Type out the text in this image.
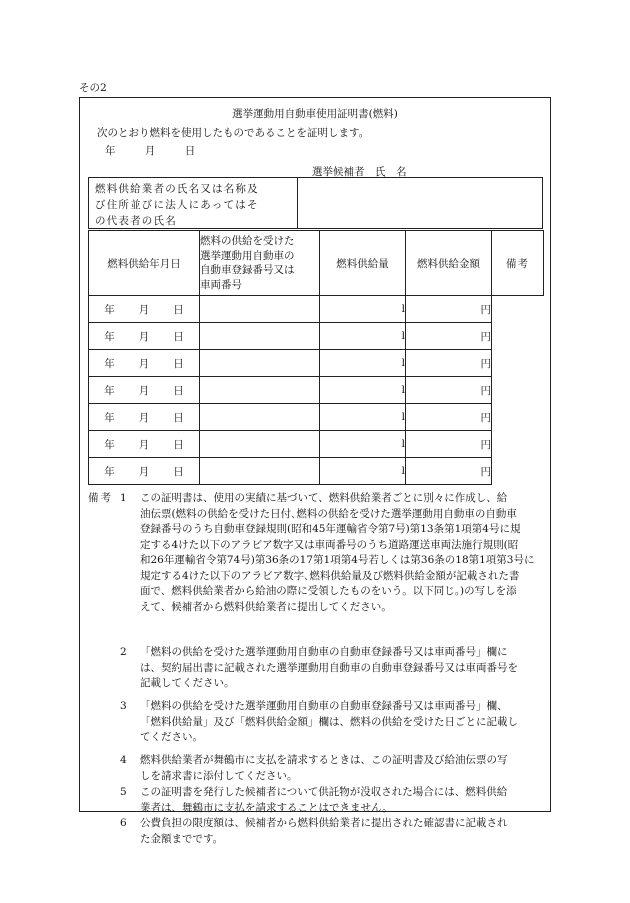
その2
選挙運動用自動車使用証明書(燃料)
次のとおり燃料を使用したものであることを証明します。
年	月	日
選挙候補者　氏　名
燃料供給業者の氏名又は名称及
び住所並びに法人にあってはそ
の代表者の氏名
燃料供給年月日	燃料の供給を受けた
選挙運動用自動車の
自動車登録番号又は
車両番号	燃料供給量	燃料供給金額	備考
年 月 日		l	円	
年 月 日		l	円	
年 月 日		l	円	
年 月 日		l	円	
年 月 日		l	円	
年 月 日		l	円	
年 月 日		l	円	
備考 1 この証明書は、使用の実績に基づいて、燃料供給業者ごとに別々に作成し、給
油伝票(燃料の供給を受けた日付､燃料の供給を受けた選挙運動用自動車の自動車
登録番号のうち自動車登録規則(昭和45年運輸省令第7号)第13条第1項第4号に規
定する4けた以下のアラビア数字又は車両番号のうち道路運送車両法施行規則(昭
和26年運輸省令第74号)第36条の17第1項第4号若しくは第36条の18第1項第3号に
規定する4けた以下のアラビア数字､燃料供給量及び燃料供給金額が記載された書
面で、燃料供給業者から給油の際に受領したものをいう。以下同じ。)の写しを添
えて、候補者から燃料供給業者に提出してください。
2 「燃料の供給を受けた選挙運動用自動車の自動車登録番号又は車両番号」欄に
は、契約届出書に記載された選挙運動用自動車の自動車登録番号又は車両番号を
記載してください。
3 「燃料の供給を受けた選挙運動用自動車の自動車登録番号又は車両番号」欄、
「燃料供給量」及び「燃料供給金額」欄は、燃料の供給を受けた日ごとに記載し
てください。
4 燃料供給業者が舞鶴市に支払を請求するときは、この証明書及び給油伝票の写
しを請求書に添付してください。
5 この証明書を発行した候補者について供託物が没収された場合には、燃料供給
業者は、舞鶴市に支払を請求することはできません。
6 公費負担の限度額は、候補者から燃料供給業者に提出された確認書に記載され
た金額までです。
